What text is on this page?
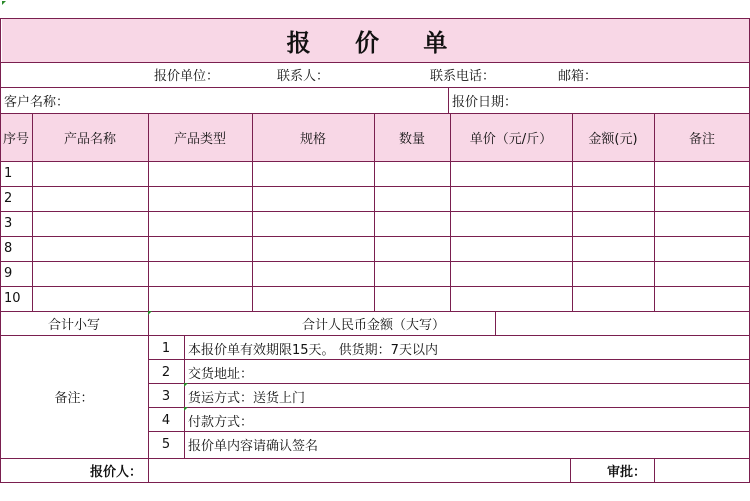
报 价 单
报价单位：	联系人：	联系电话：	邮箱：
客户名称：	报价日期：
序号	产品名称	产品类型	规格	数量	单价（元/斤）	金额(元)	备注
1
2
3
8
9
10
合计小写	合计人民币金额（大写）
备注：
1	本报价单有效期限15天。 供货期：7天以内
2	交货地址：
3	货运方式：送货上门
4	付款方式：
5	报价单内容请确认签名
报价人：	审批：
